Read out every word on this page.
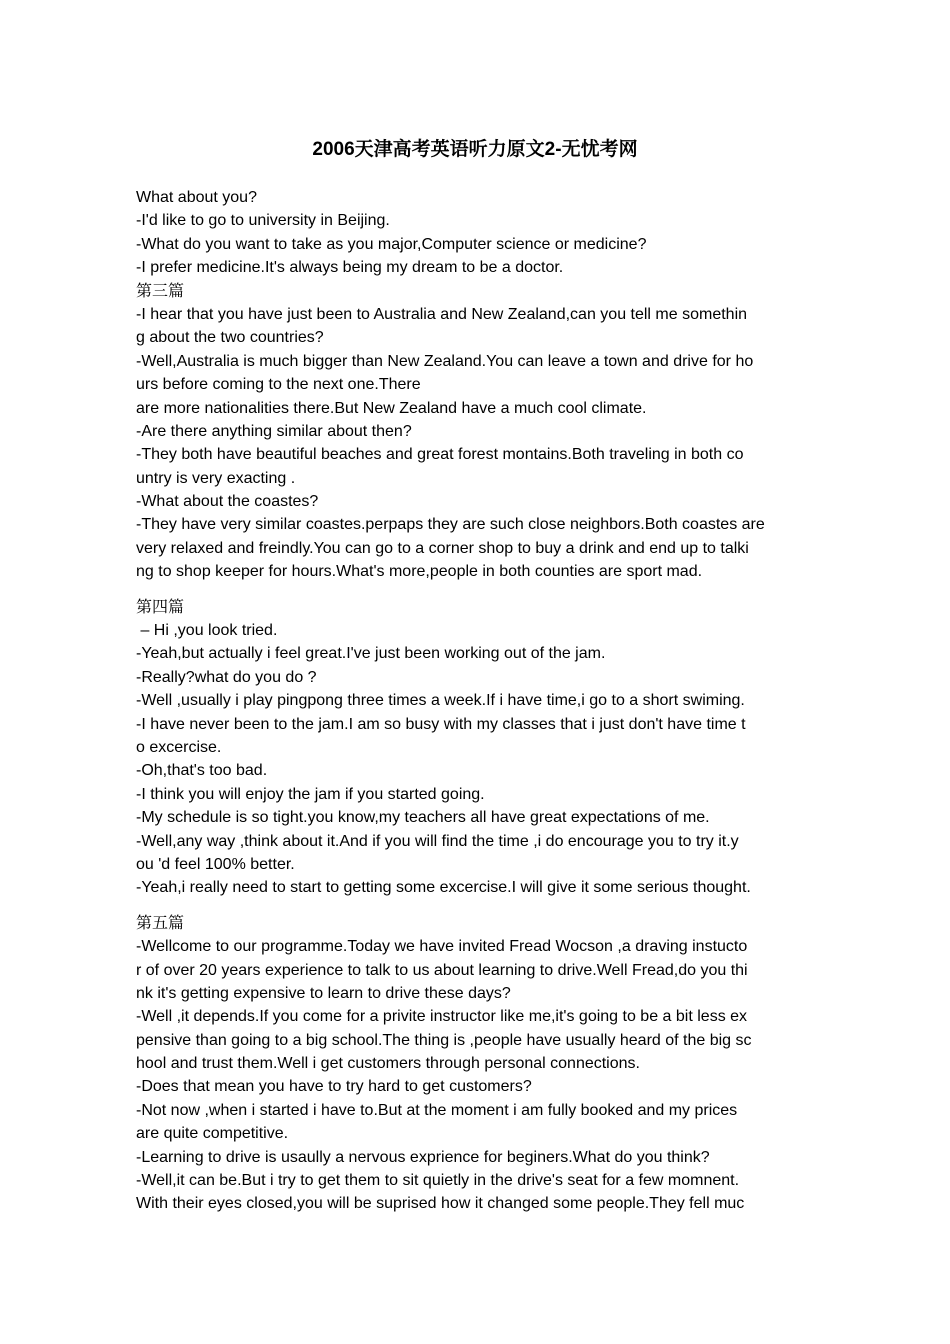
2006天津高考英语听力原文2-无忧考网
What about you?
-I'd like to go to university in Beijing.
-What do you want to take as you major,Computer science or medicine?
-I prefer medicine.It's always being my dream to be a doctor.
第三篇
-I hear that you have just been to Australia and New Zealand,can you tell me somethin
g about the two countries?
-Well,Australia is much bigger than New Zealand.You can leave a town and drive for ho
urs before coming to the next one.There
are more nationalities there.But New Zealand have a much cool climate.
-Are there anything similar about then?
-They both have beautiful beaches and great forest montains.Both traveling in both co
untry is very exacting .
-What about the coastes?
-They have very similar coastes.perpaps they are such close neighbors.Both coastes are
very relaxed and freindly.You can go to a corner shop to buy a drink and end up to talki
ng to shop keeper for hours.What's more,people in both counties are sport mad.
第四篇
– Hi ,you look tried.
-Yeah,but actually i feel great.I've just been working out of the jam.
-Really?what do you do ?
-Well ,usually i play pingpong three times a week.If i have time,i go to a short swiming.
-I have never been to the jam.I am so busy with my classes that i just don't have time t
o excercise.
-Oh,that's too bad.
-I think you will enjoy the jam if you started going.
-My schedule is so tight.you know,my teachers all have great expectations of me.
-Well,any way ,think about it.And if you will find the time ,i do encourage you to try it.y
ou 'd feel 100% better.
-Yeah,i really need to start to getting some excercise.I will give it some serious thought.
第五篇
-Wellcome to our programme.Today we have invited Fread Wocson ,a draving instucto
r of over 20 years experience to talk to us about learning to drive.Well Fread,do you thi
nk it's getting expensive to learn to drive these days?
-Well ,it depends.If you come for a privite instructor like me,it's going to be a bit less ex
pensive than going to a big school.The thing is ,people have usually heard of the big sc
hool and trust them.Well i get customers through personal connections.
-Does that mean you have to try hard to get customers?
-Not now ,when i started i have to.But at the moment i am fully booked and my prices
are quite competitive.
-Learning to drive is usaully a nervous exprience for beginers.What do you think?
-Well,it can be.But i try to get them to sit quietly in the drive's seat for a few momnent.
With their eyes closed,you will be suprised how it changed some people.They fell muc
